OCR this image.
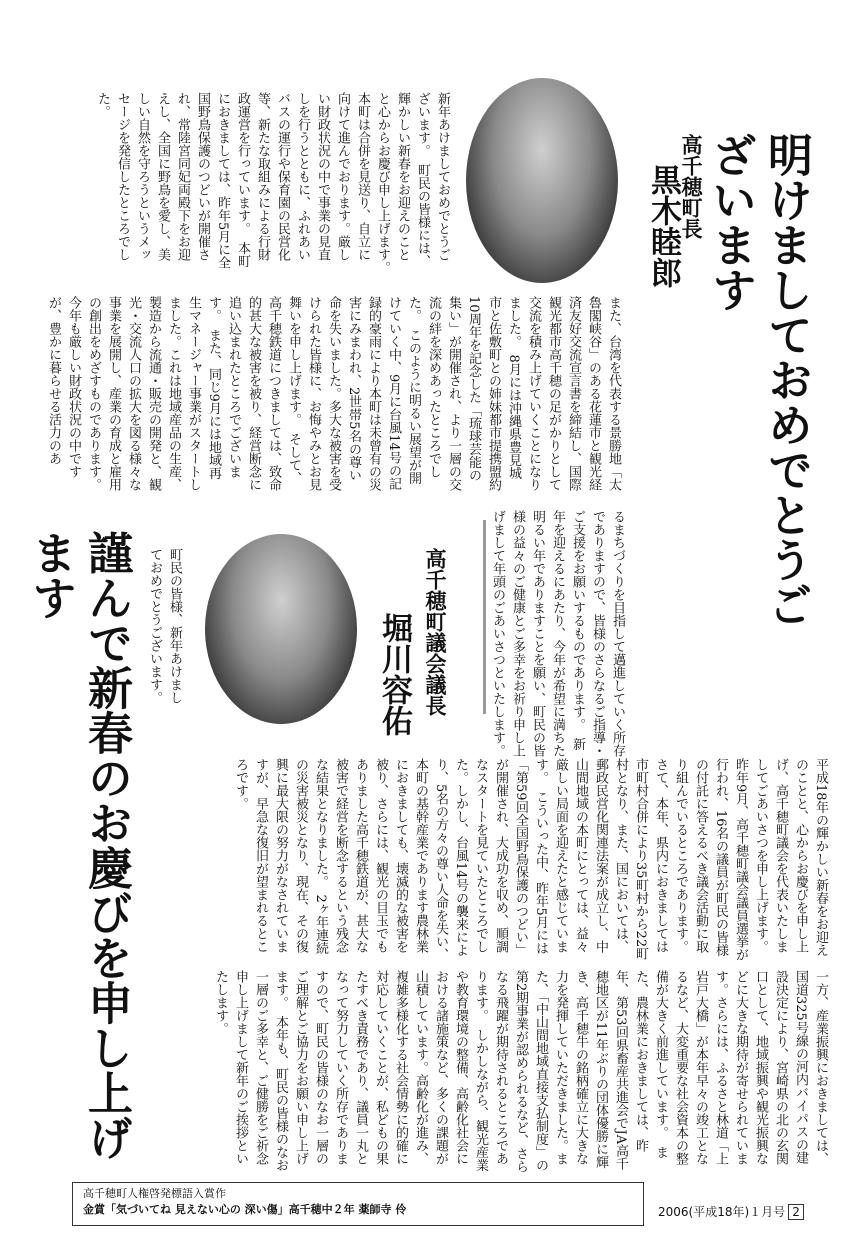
明けましておめでとうございます
高千穂町長
黒木睦郎
新年あけましておめでとうございます。　町民の皆様には、輝かしい新春をお迎えのことと心からお慶び申し上げます。　本町は合併を見送り、自立に向けて進んでおります。厳しい財政状況の中で事業の見直しを行うとともに、ふれあいバスの運行や保育園の民営化等、新たな取組みによる行財政運営を行っています。　本町におきましては、昨年5月に全国野鳥保護のつどいが開催され、常陸宮同妃両殿下をお迎えし、全国に野鳥を愛し、美しい自然を守ろうというメッセージを発信したところでした。
また、台湾を代表する景勝地「太魯閣峡谷」のある花蓮市と観光経済友好交流宣言書を締結し、国際観光都市高千穂の足がかりとして交流を積み上げていくことになりました。　8月には沖縄県豊見城市と佐敷町との姉妹都市提携盟約10周年を記念した「琉球芸能の集い」が開催され、より一層の交流の絆を深めあったところでした。　このように明るい展望が開けていく中、9月に台風14号の記録的豪雨により本町は未曾有の災害にみまわれ、2世帯5名の尊い命を失いました。多大な被害を受けられた皆様に、お悔やみとお見舞いを申し上げます。　そして、高千穂鉄道につきましては、致命的甚大な被害を被り、経営断念に追い込まれたところでございます。　また、同じ9月には地域再生マネージャー事業がスタートしました。これは地域産品の生産、製造から流通・販売の開発と、観光・交流人口の拡大を図る様々な事業を展開し、産業の育成と雇用の創出をめざすものであります。　今年も厳しい財政状況の中ですが、豊かに暮らせる活力のあ
るまちづくりを目指して邁進していく所存でありますので、皆様のさらなるご指導・ご支援をお願いするものであります。　新年を迎えるにあたり、今年が希望に満ちた明るい年でありますことを願い、町民の皆様の益々のご健康とご多幸をお祈り申し上げまして年頭のごあいさつといたします。
謹んで新春のお慶びを申し上げます	町民の皆様、新年あけましておめでとうございます。	高千穂町議会議長
堀川容佑
平成18年の輝かしい新春をお迎えのことと、心からお慶びを申し上げ、高千穂町議会を代表いたしましてごあいさつを申し上げます。　昨年9月、高千穂町議会議員選挙が行われ、16名の議員が町民の皆様の付託に答えるべき議会活動に取り組んでいるところであります。　さて、本年、県内におきましては市町村合併により35町村から22町村となり、また、国においては、郵政民営化関連法案が成立し、中山間地域の本町にとっては、益々厳しい局面を迎えたと感じています。　こういった中、昨年5月には「第59回全国野鳥保護のつどい」が開催され、大成功を収め、順調なスタートを見ていたところでした。しかし、台風14号の襲来により、5名の方々の尊い人命を失い、本町の基幹産業であります農林業におきましても、壊滅的な被害を被り、さらには、観光の目玉でもありました高千穂鉄道が、甚大な被害で経営を断念するという残念な結果となりました。　2ヶ年連続の災害被災となり、現在、その復興に最大限の努力がなされていますが、早急な復旧が望まれるところです。
一方、産業振興におきましては、国道325号線の河内バイパスの建設決定により、宮崎県の北の玄関口として、地域振興や観光振興などに大きな期待が寄せられています。さらには、ふるさと林道「上岩戸大橋」が本年早々の竣工となるなど、大変重要な社会資本の整備が大きく前進しています。　また、農林業におきましては、昨年、第53回県畜産共進会でJA高千穂地区が11年ぶりの団体優勝に輝き、高千穂牛の銘柄確立に大きな力を発揮していただきました。また、「中山間地域直接支払制度」の第2期事業が認められるなど、さらなる飛躍が期待されるところであります。　しかしながら、観光産業や教育環境の整備、高齢化社会における諸施策など、多くの課題が山積しています。高齢化が進み、複雑多様化する社会情勢に的確に対応していくことが、私どもの果たすべき責務であり、議員一丸となって努力していく所存でありますので、町民の皆様のなお一層のご理解とご協力をお願い申し上げます。　本年も、町民の皆様のなお一層のご多幸と、ご健勝をご祈念申し上げまして新年のご挨拶といたします。
高千穂町人権啓発標語入賞作
金賞「気づいてね 見えない心の 深い傷」高千穂中２年 薬師寺 伶	2006(平成18年)１月号 2
